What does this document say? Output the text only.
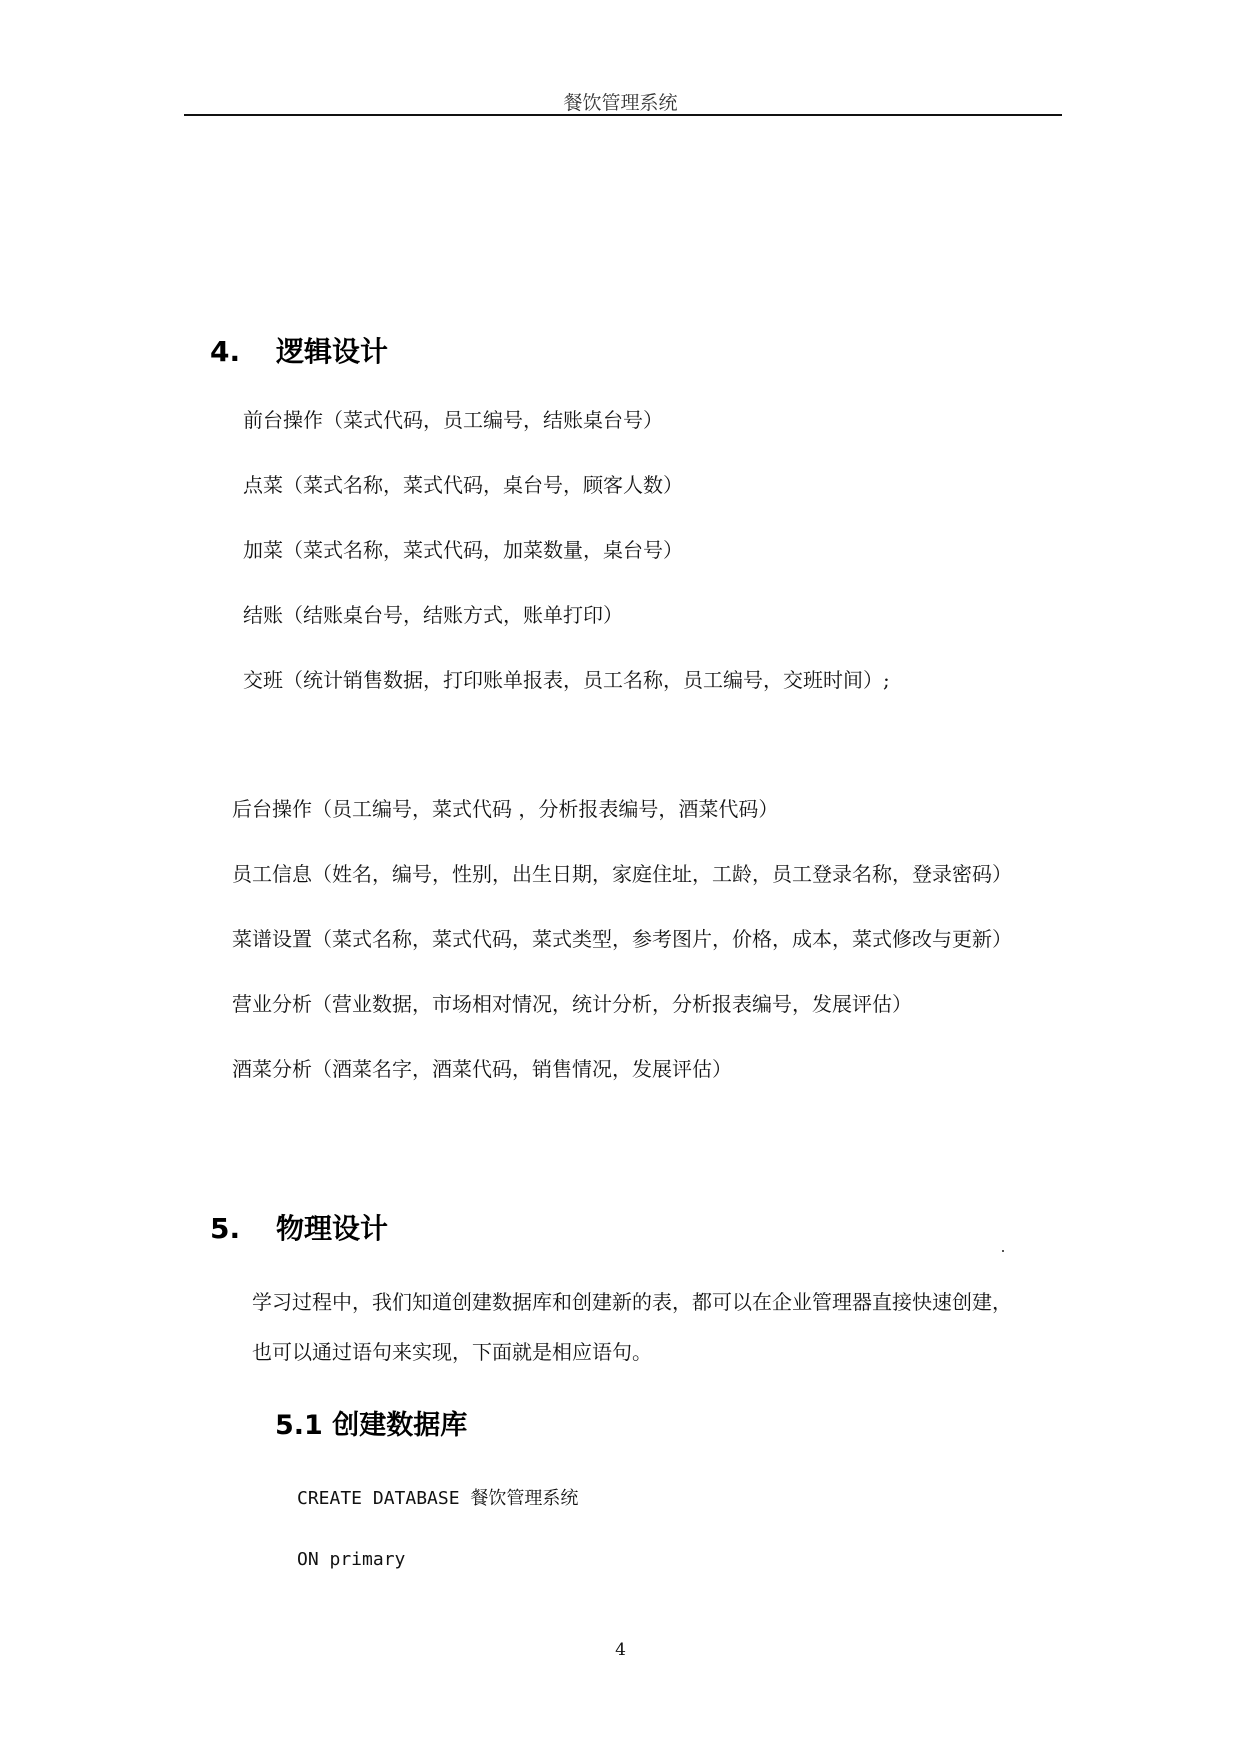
餐饮管理系统
4. 逻辑设计
前台操作（菜式代码，员工编号，结账桌台号）
点菜（菜式名称，菜式代码，桌台号，顾客人数）
加菜（菜式名称，菜式代码，加菜数量，桌台号）
结账（结账桌台号，结账方式，账单打印）
交班（统计销售数据，打印账单报表，员工名称，员工编号，交班时间）;
后台操作（员工编号，菜式代码 ，分析报表编号，酒菜代码）
员工信息（姓名，编号，性别，出生日期，家庭住址，工龄，员工登录名称，登录密码）
菜谱设置（菜式名称，菜式代码，菜式类型，参考图片，价格，成本，菜式修改与更新）
营业分析（营业数据，市场相对情况，统计分析，分析报表编号，发展评估）
酒菜分析（酒菜名字，酒菜代码，销售情况，发展评估）
5. 物理设计
学习过程中，我们知道创建数据库和创建新的表，都可以在企业管理器直接快速创建，
也可以通过语句来实现，下面就是相应语句。
5.1 创建数据库
CREATE DATABASE 餐饮管理系统
ON primary
4
